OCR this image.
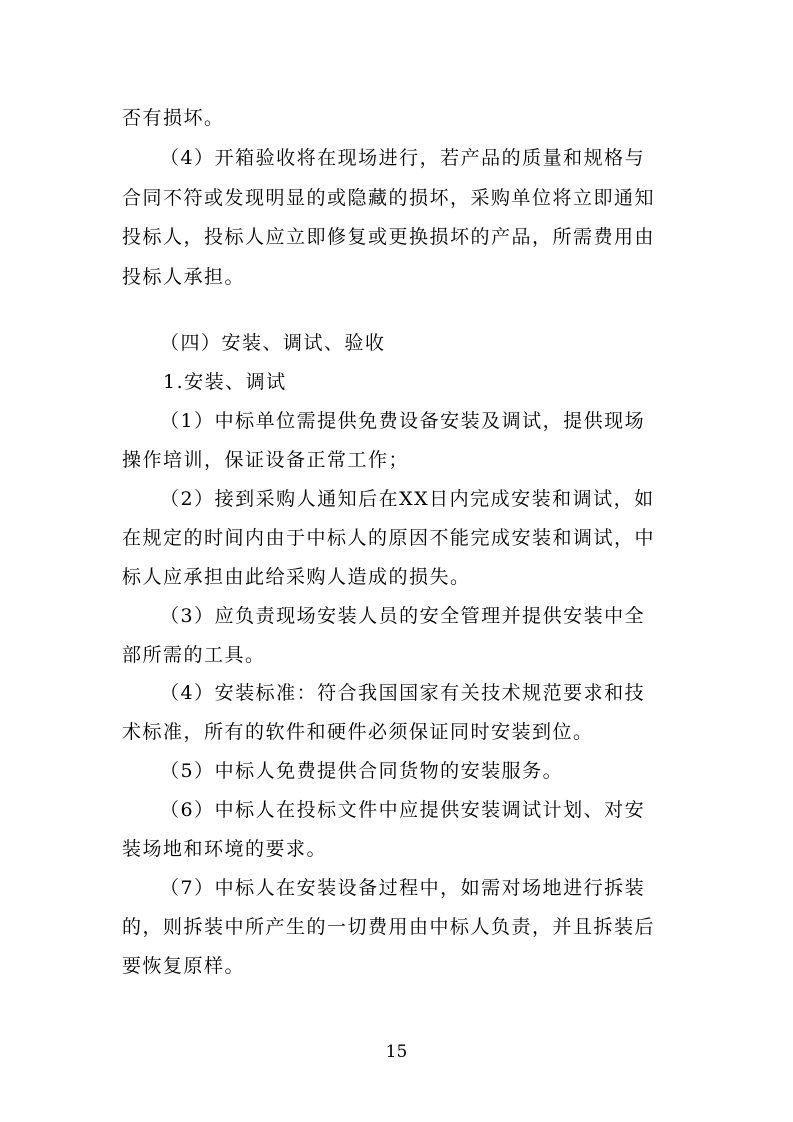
否有损坏。
（4）开箱验收将在现场进行，若产品的质量和规格与
合同不符或发现明显的或隐藏的损坏，采购单位将立即通知
投标人，投标人应立即修复或更换损坏的产品，所需费用由
投标人承担。
（四）安装、调试、验收
1.安装、调试
（1）中标单位需提供免费设备安装及调试，提供现场
操作培训，保证设备正常工作；
（2）接到采购人通知后在XX日内完成安装和调试，如
在规定的时间内由于中标人的原因不能完成安装和调试，中
标人应承担由此给采购人造成的损失。
（3）应负责现场安装人员的安全管理并提供安装中全
部所需的工具。
（4）安装标准：符合我国国家有关技术规范要求和技
术标准，所有的软件和硬件必须保证同时安装到位。
（5）中标人免费提供合同货物的安装服务。
（6）中标人在投标文件中应提供安装调试计划、对安
装场地和环境的要求。
（7）中标人在安装设备过程中，如需对场地进行拆装
的，则拆装中所产生的一切费用由中标人负责，并且拆装后
要恢复原样。
15
